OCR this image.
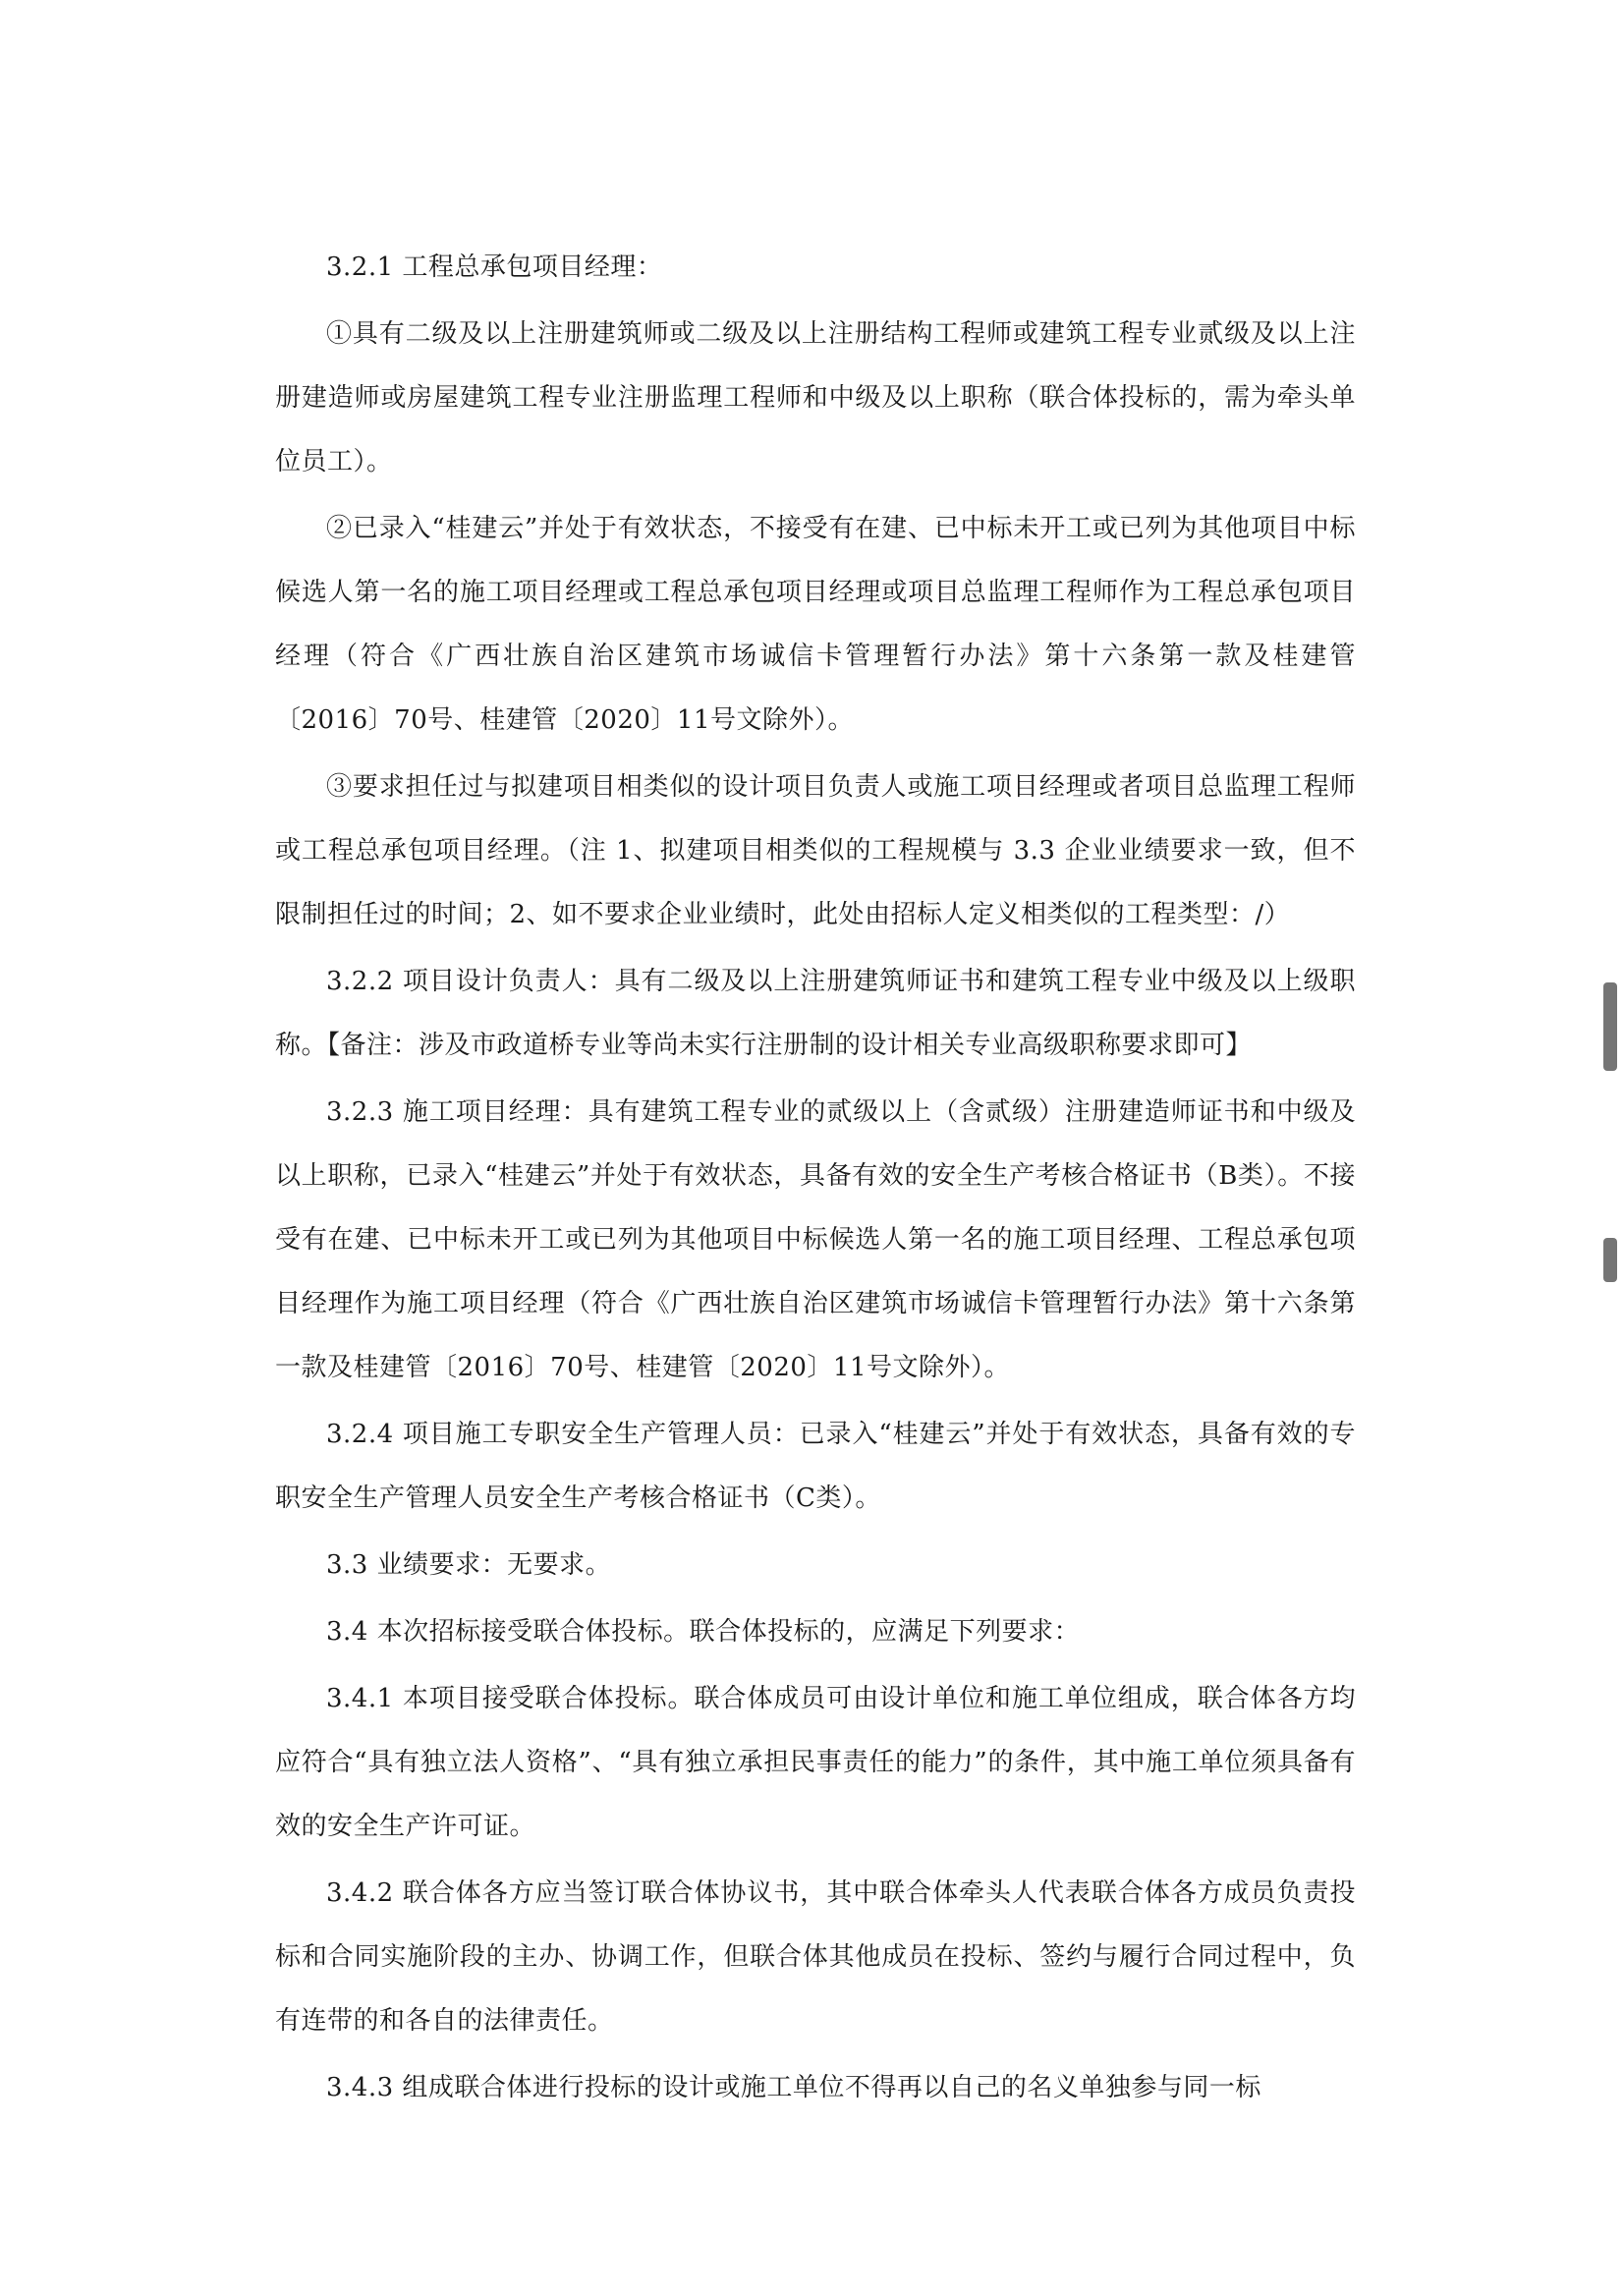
3.2.1 工程总承包项目经理：

①具有二级及以上注册建筑师或二级及以上注册结构工程师或建筑工程专业贰级及以上注册建造师或房屋建筑工程专业注册监理工程师和中级及以上职称（联合体投标的，需为牵头单位员工）。

②已录入“桂建云”并处于有效状态，不接受有在建、已中标未开工或已列为其他项目中标候选人第一名的施工项目经理或工程总承包项目经理或项目总监理工程师作为工程总承包项目经理（符合《广西壮族自治区建筑市场诚信卡管理暂行办法》第十六条第一款及桂建管〔2016〕70号、桂建管〔2020〕11号文除外）。

③要求担任过与拟建项目相类似的设计项目负责人或施工项目经理或者项目总监理工程师或工程总承包项目经理。（注 1、拟建项目相类似的工程规模与 3.3 企业业绩要求一致，但不限制担任过的时间；2、如不要求企业业绩时，此处由招标人定义相类似的工程类型：/）

3.2.2 项目设计负责人：具有二级及以上注册建筑师证书和建筑工程专业中级及以上级职称。【备注：涉及市政道桥专业等尚未实行注册制的设计相关专业高级职称要求即可】

3.2.3 施工项目经理：具有建筑工程专业的贰级以上（含贰级）注册建造师证书和中级及以上职称，已录入“桂建云”并处于有效状态，具备有效的安全生产考核合格证书（B类）。不接受有在建、已中标未开工或已列为其他项目中标候选人第一名的施工项目经理、工程总承包项目经理作为施工项目经理（符合《广西壮族自治区建筑市场诚信卡管理暂行办法》第十六条第一款及桂建管〔2016〕70号、桂建管〔2020〕11号文除外）。

3.2.4 项目施工专职安全生产管理人员：已录入“桂建云”并处于有效状态，具备有效的专职安全生产管理人员安全生产考核合格证书（C类）。

3.3 业绩要求：无要求。

3.4 本次招标接受联合体投标。联合体投标的，应满足下列要求：

3.4.1 本项目接受联合体投标。联合体成员可由设计单位和施工单位组成，联合体各方均应符合“具有独立法人资格”、“具有独立承担民事责任的能力”的条件，其中施工单位须具备有效的安全生产许可证。

3.4.2 联合体各方应当签订联合体协议书，其中联合体牵头人代表联合体各方成员负责投标和合同实施阶段的主办、协调工作，但联合体其他成员在投标、签约与履行合同过程中，负有连带的和各自的法律责任。

3.4.3 组成联合体进行投标的设计或施工单位不得再以自己的名义单独参与同一标
